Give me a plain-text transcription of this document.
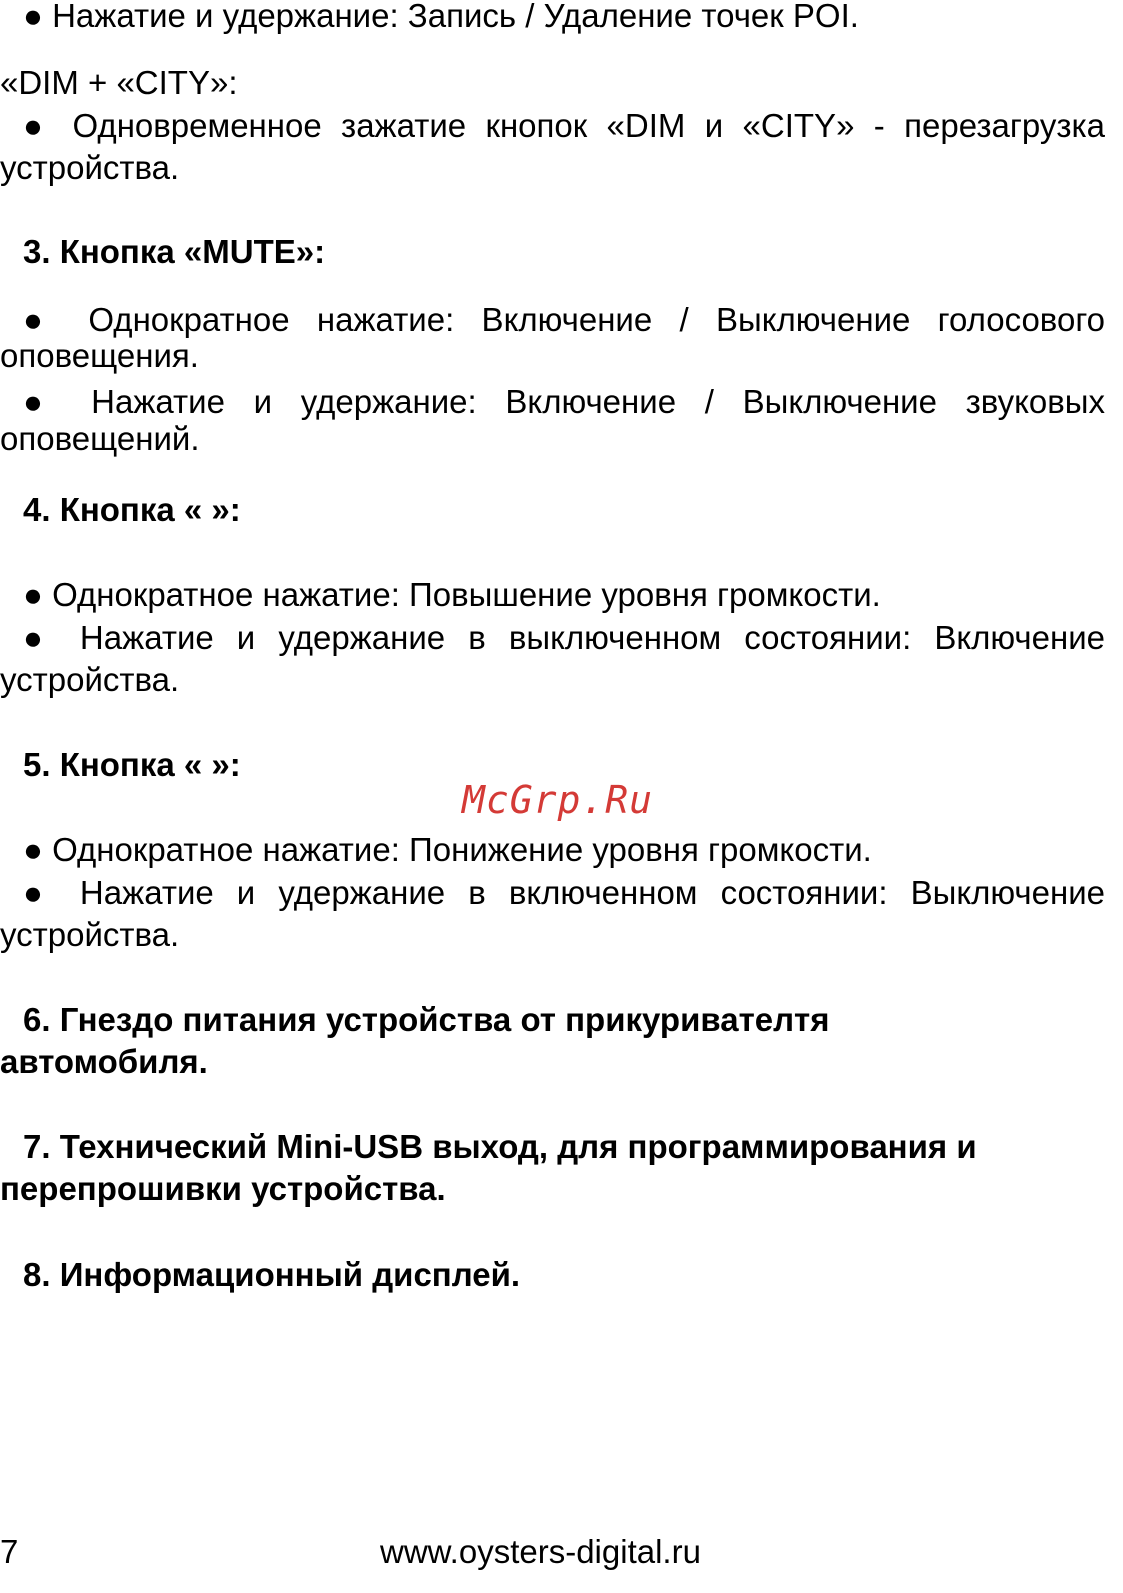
● Нажатие и удержание: Запись / Удаление точек POI.
«DIM + «CITY»:
● Одновременное зажатие кнопок «DIM и «CITY» - перезагрузка
устройства.
3. Кнопка «MUTE»:
● Однократное нажатие: Включение / Выключение голосового
оповещения.
● Нажатие и удержание: Включение / Выключение звуковых
оповещений.
4. Кнопка « »:
● Однократное нажатие: Повышение уровня громкости.
● Нажатие и удержание в выключенном состоянии: Включение
устройства.
5. Кнопка « »:
McGrp.Ru
● Однократное нажатие: Понижение уровня громкости.
● Нажатие и удержание в включенном состоянии: Выключение
устройства.
6. Гнездо питания устройства от прикуривателтя
автомобиля.
7. Технический Mini-USB выход, для программирования и
перепрошивки устройства.
8. Информационный дисплей.
7	www.oysters-digital.ru
